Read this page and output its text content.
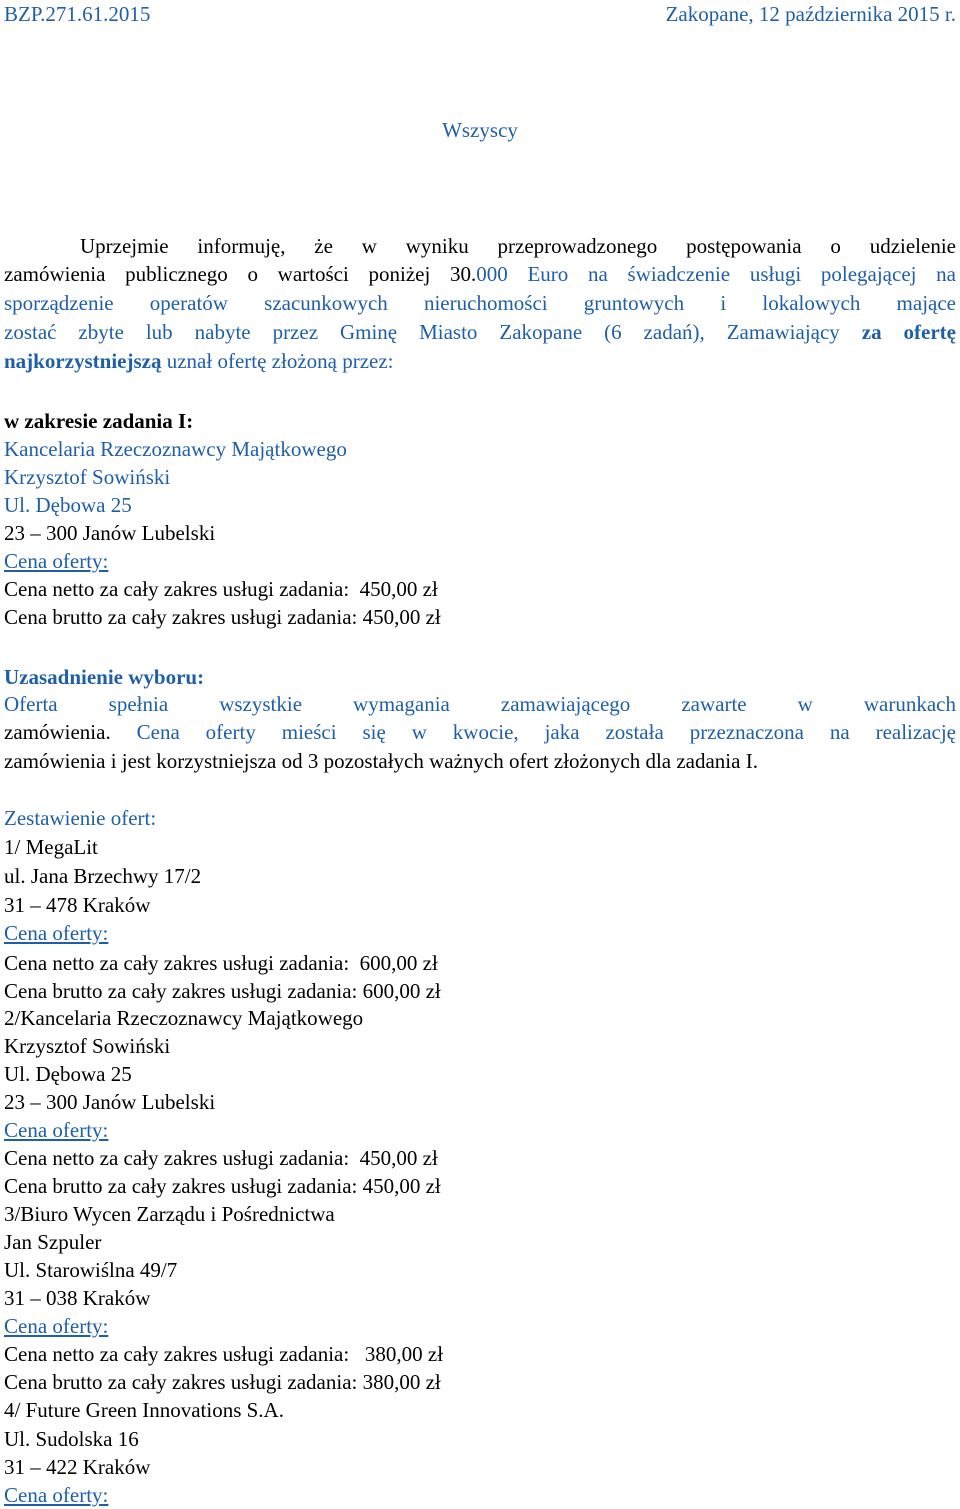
BZP.271.61.2015	Zakopane, 12 października 2015 r.
Wszyscy
Uprzejmie informuję, że w wyniku przeprowadzonego postępowania o udzielenie
zamówienia publicznego o wartości poniżej 30.000 Euro na świadczenie usługi polegającej na
sporządzenie operatów szacunkowych nieruchomości gruntowych i lokalowych mające
zostać zbyte lub nabyte przez Gminę Miasto Zakopane (6 zadań), Zamawiający za ofertę
najkorzystniejszą uznał ofertę złożoną przez:
w zakresie zadania I:
Kancelaria Rzeczoznawcy Majątkowego
Krzysztof Sowiński
Ul. Dębowa 25
23 – 300 Janów Lubelski
Cena oferty:
Cena netto za cały zakres usługi zadania:  450,00 zł
Cena brutto za cały zakres usługi zadania: 450,00 zł
Uzasadnienie wyboru:
Oferta spełnia wszystkie wymagania zamawiającego zawarte w warunkach
zamówienia. Cena oferty mieści się w kwocie, jaka została przeznaczona na realizację
zamówienia i jest korzystniejsza od 3 pozostałych ważnych ofert złożonych dla zadania I.
Zestawienie ofert:
1/ MegaLit
ul. Jana Brzechwy 17/2
31 – 478 Kraków
Cena oferty:
Cena netto za cały zakres usługi zadania:  600,00 zł
Cena brutto za cały zakres usługi zadania: 600,00 zł
2/Kancelaria Rzeczoznawcy Majątkowego
Krzysztof Sowiński
Ul. Dębowa 25
23 – 300 Janów Lubelski
Cena oferty:
Cena netto za cały zakres usługi zadania:  450,00 zł
Cena brutto za cały zakres usługi zadania: 450,00 zł
3/Biuro Wycen Zarządu i Pośrednictwa
Jan Szpuler
Ul. Starowiślna 49/7
31 – 038 Kraków
Cena oferty:
Cena netto za cały zakres usługi zadania:   380,00 zł
Cena brutto za cały zakres usługi zadania: 380,00 zł
4/ Future Green Innovations S.A.
Ul. Sudolska 16
31 – 422 Kraków
Cena oferty:
